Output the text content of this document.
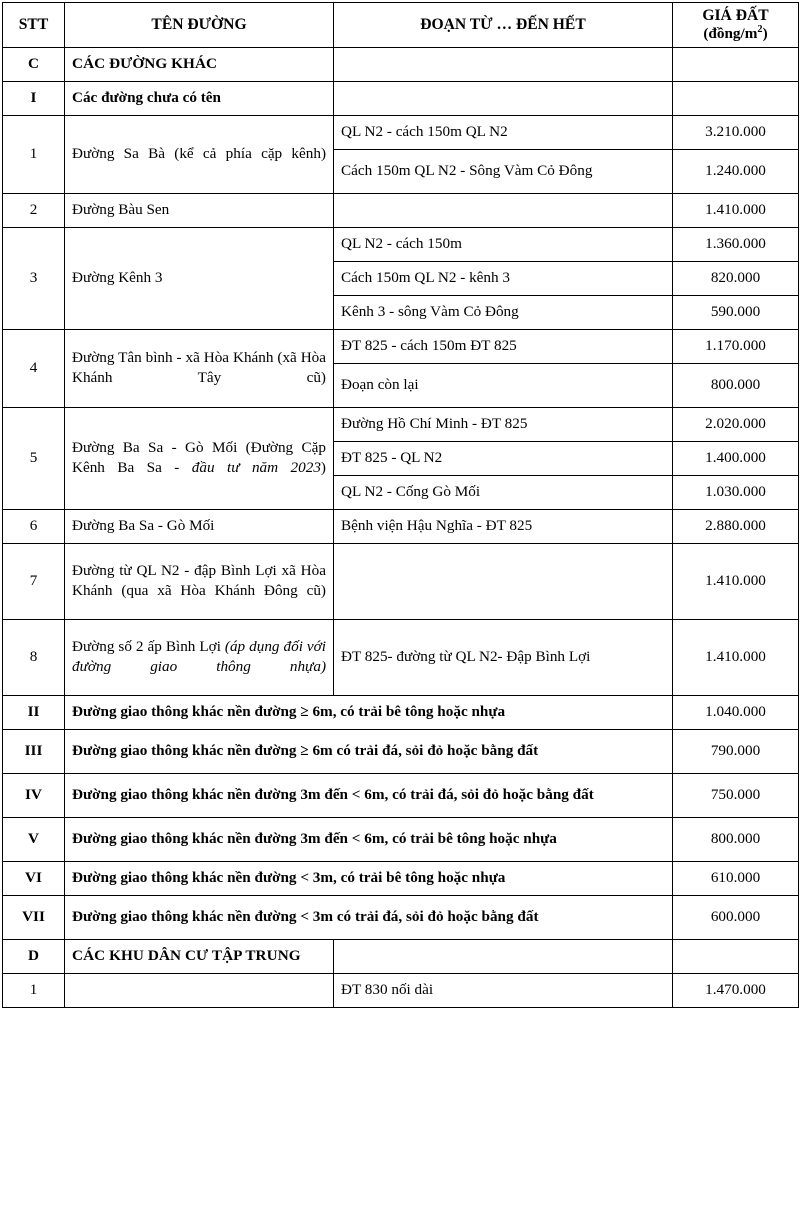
STT	TÊN ĐƯỜNG	ĐOẠN TỪ … ĐẾN HẾT	GIÁ ĐẤT
$(đồng/m^2)$

C	CÁC ĐƯỜNG KHÁC		
I	Các đường chưa có tên		
1	Đường Sa Bà (kể cả phía cặp kênh)	QL N2 - cách 150m QL N2	3.210.000
		Cách 150m QL N2 - Sông Vàm Cỏ Đông	1.240.000
2	Đường Bàu Sen		1.410.000
3	Đường Kênh 3	QL N2 - cách 150m	1.360.000
		Cách 150m QL N2 - kênh 3	820.000
		Kênh 3 - sông Vàm Cỏ Đông	590.000
4	Đường Tân bình - xã Hòa Khánh (xã Hòa Khánh Tây cũ)	ĐT 825 - cách 150m ĐT 825	1.170.000
		Đoạn còn lại	800.000
5	Đường Ba Sa - Gò Mối (Đường Cặp Kênh Ba Sa - đầu tư năm 2023)	Đường Hồ Chí Minh - ĐT 825	2.020.000
		ĐT 825 - QL N2	1.400.000
		QL N2 - Cống Gò Mối	1.030.000
6	Đường Ba Sa - Gò Mối	Bệnh viện Hậu Nghĩa - ĐT 825	2.880.000
7	Đường từ QL N2 - đập Bình Lợi xã Hòa Khánh (qua xã Hòa Khánh Đông cũ)		1.410.000
8	Đường số 2 ấp Bình Lợi (áp dụng đối với đường giao thông nhựa)	ĐT 825- đường từ QL N2- Đập Bình Lợi	1.410.000
II	Đường giao thông khác nền đường ≥ 6m, có trải bê tông hoặc nhựa		1.040.000
III	Đường giao thông khác nền đường ≥ 6m có trải đá, sỏi đỏ hoặc bằng đất		790.000
IV	Đường giao thông khác nền đường 3m đến < 6m, có trải đá, sỏi đỏ hoặc bằng đất		750.000
V	Đường giao thông khác nền đường 3m đến < 6m, có trải bê tông hoặc nhựa		800.000
VI	Đường giao thông khác nền đường < 3m, có trải bê tông hoặc nhựa		610.000
VII	Đường giao thông khác nền đường < 3m có trải đá, sỏi đỏ hoặc bằng đất		600.000
D	CÁC KHU DÂN CƯ TẬP TRUNG		
1		ĐT 830 nối dài	1.470.000
